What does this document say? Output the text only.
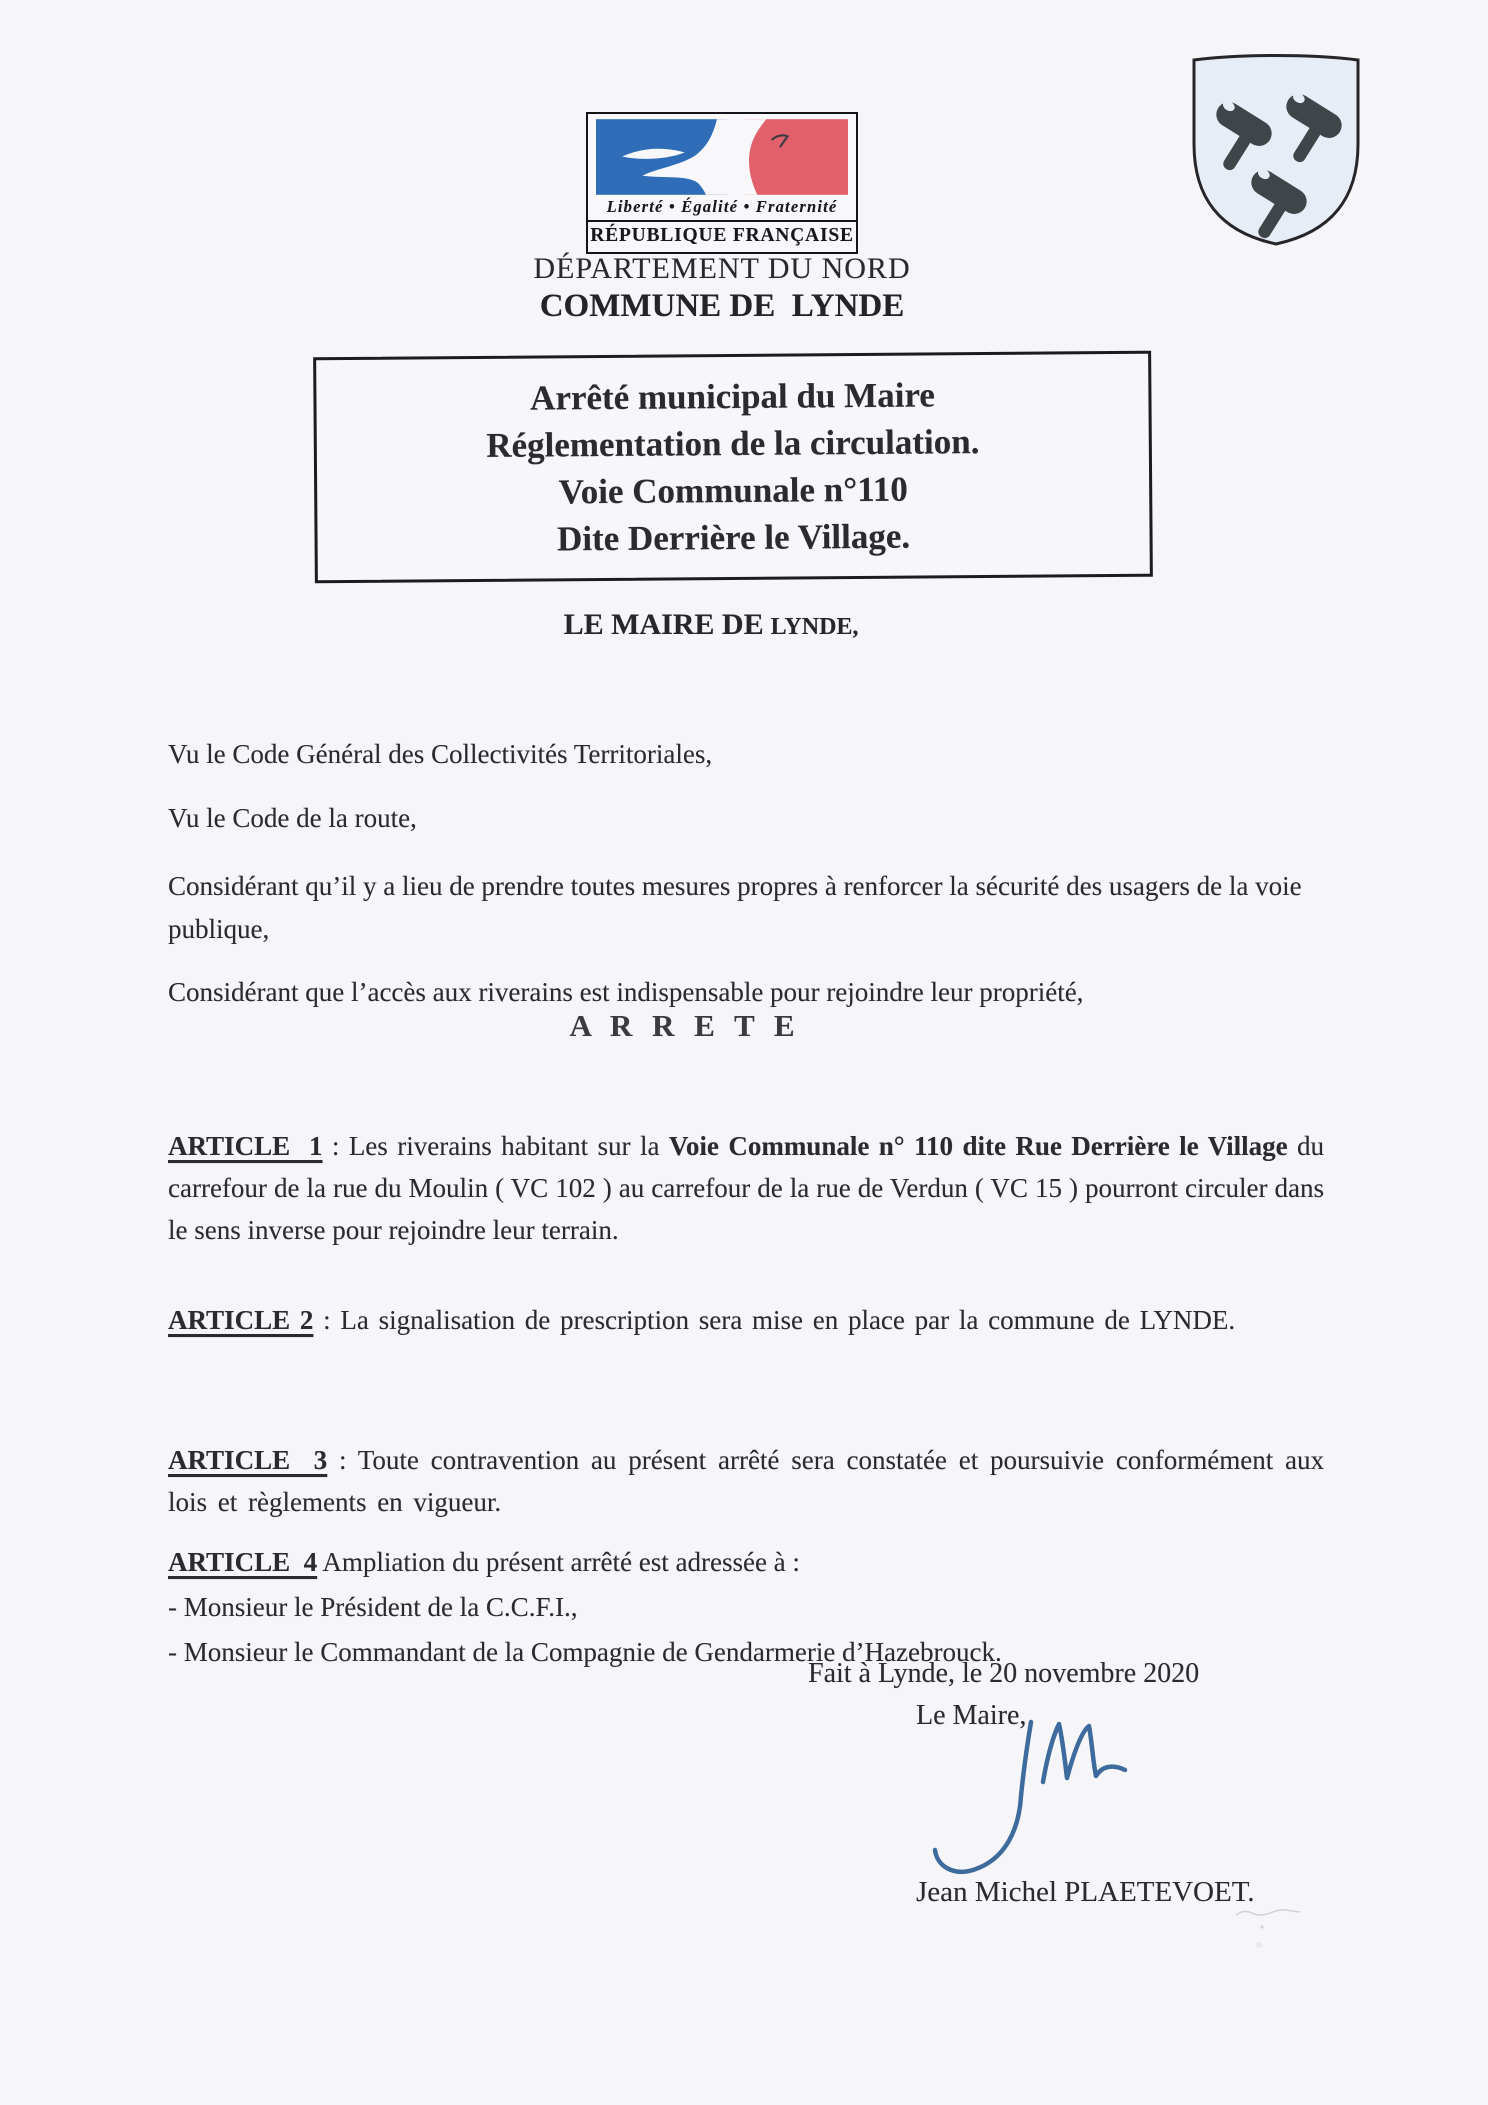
Liberté • Égalité • Fraternité
RÉPUBLIQUE FRANÇAISE
DÉPARTEMENT DU NORD
COMMUNE DE  LYNDE
Arrêté municipal du Maire
Réglementation de la circulation.
Voie Communale n°110
Dite Derrière le Village.
LE MAIRE DE LYNDE,

Vu le Code Général des Collectivités Territoriales,

Vu le Code de la route,

Considérant qu’il y a lieu de prendre toutes mesures propres à renforcer la sécurité des usagers de la voie publique,

Considérant que l’accès aux riverains est indispensable pour rejoindre leur propriété,

A R R E T E

ARTICLE  1 : Les riverains habitant sur la Voie Communale n° 110 dite Rue Derrière le Village du carrefour de la rue du Moulin ( VC 102 ) au carrefour de la rue de Verdun ( VC 15 ) pourront circuler dans le sens inverse pour rejoindre leur terrain.

ARTICLE 2 : La signalisation de prescription sera mise en place par la commune de LYNDE.

ARTICLE  3 : Toute contravention au présent arrêté sera constatée et poursuivie conformément aux lois et règlements en vigueur.

ARTICLE  4 Ampliation du présent arrêté est adressée à :
- Monsieur le Président de la C.C.F.I.,
- Monsieur le Commandant de la Compagnie de Gendarmerie d’Hazebrouck.
Fait à Lynde, le 20 novembre 2020
Le Maire,
Jean Michel PLAETEVOET.
